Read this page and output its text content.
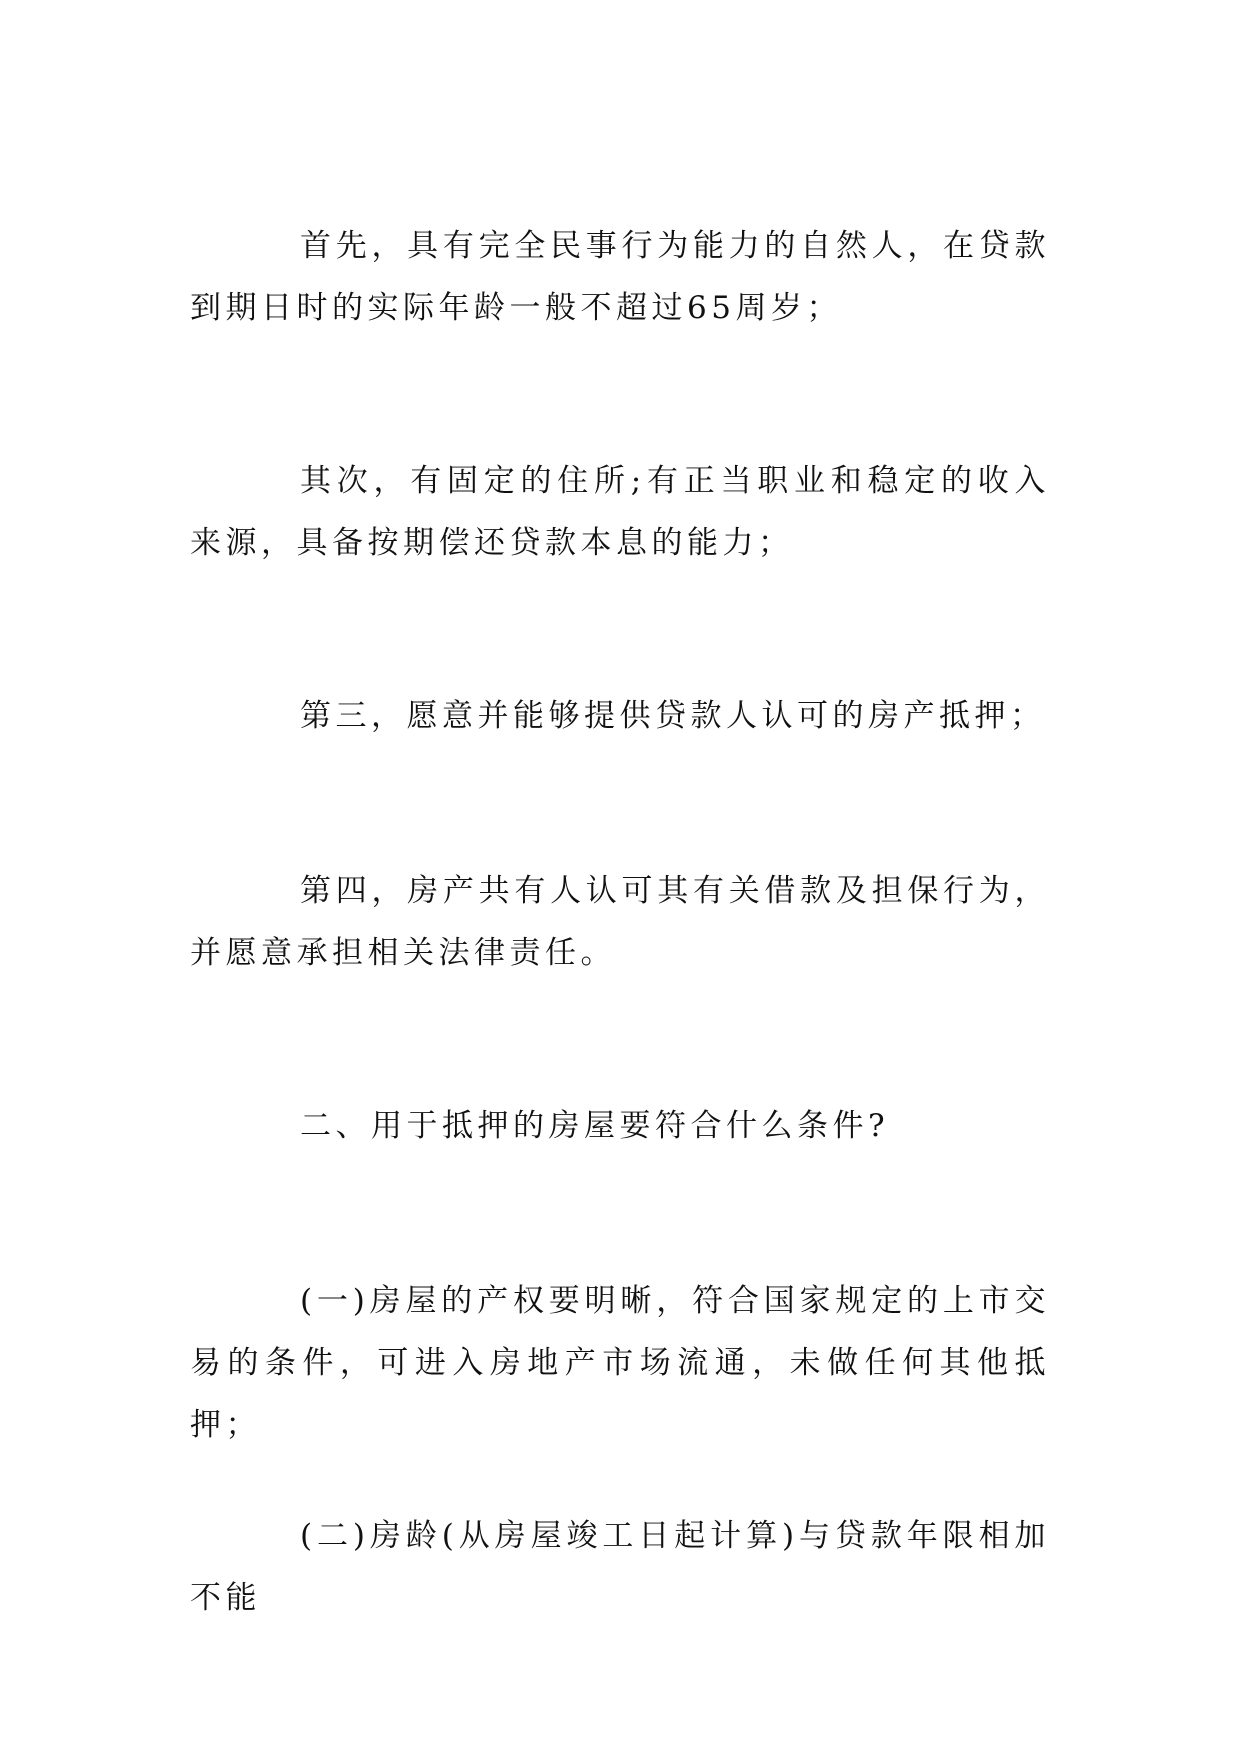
首先，具有完全民事行为能力的自然人，在贷款到期日时的实际年龄一般不超过65周岁；

其次，有固定的住所;有正当职业和稳定的收入来源，具备按期偿还贷款本息的能力；

第三，愿意并能够提供贷款人认可的房产抵押；

第四，房产共有人认可其有关借款及担保行为，并愿意承担相关法律责任。

二、用于抵押的房屋要符合什么条件?

(一)房屋的产权要明晰，符合国家规定的上市交易的条件，可进入房地产市场流通，未做任何其他抵押；

(二)房龄(从房屋竣工日起计算)与贷款年限相加不能
